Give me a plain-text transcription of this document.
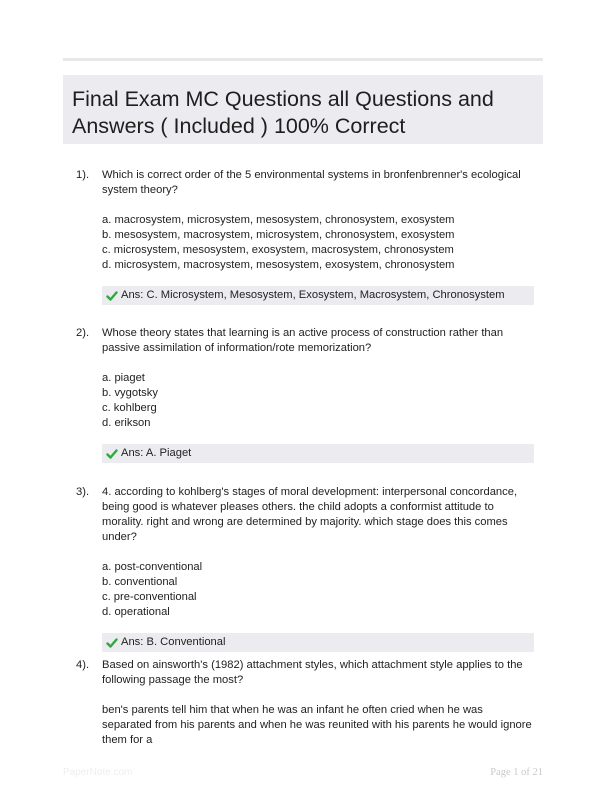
Final Exam MC Questions all Questions and Answers ( Included ) 100% Correct
1). Which is correct order of the 5 environmental systems in bronfenbrenner's ecological system theory?

a. macrosystem, microsystem, mesosystem, chronosystem, exosystem
b. mesosystem, macrosystem, microsystem, chronosystem, exosystem
c. microsystem, mesosystem, exosystem, macrosystem, chronosystem
d. microsystem, macrosystem, mesosystem, exosystem, chronosystem
Ans: C. Microsystem, Mesosystem, Exosystem, Macrosystem, Chronosystem
2). Whose theory states that learning is an active process of construction rather than passive assimilation of information/rote memorization?

a. piaget
b. vygotsky
c. kohlberg
d. erikson
Ans: A. Piaget
3). 4. according to kohlberg's stages of moral development: interpersonal concordance, being good is whatever pleases others. the child adopts a conformist attitude to morality. right and wrong are determined by majority. which stage does this comes under?

a. post-conventional
b. conventional
c. pre-conventional
d. operational
Ans: B. Conventional
4). Based on ainsworth's (1982) attachment styles, which attachment style applies to the following passage the most?

ben's parents tell him that when he was an infant he often cried when he was separated from his parents and when he was reunited with his parents he would ignore them for a

PaperNote.com	Page 1 of 21
